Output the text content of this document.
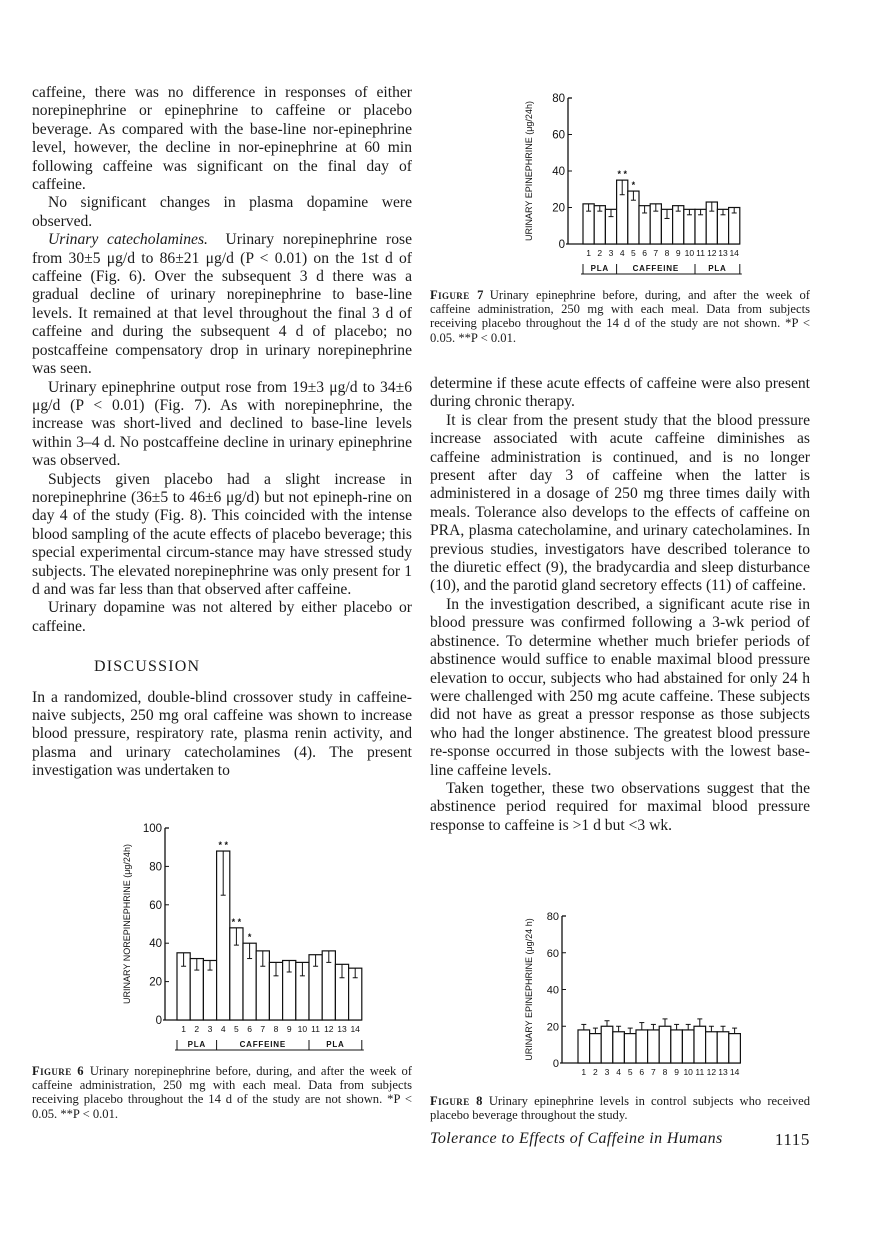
caffeine, there was no difference in responses of either norepinephrine or epinephrine to caffeine or placebo beverage. As compared with the base-line nor-epinephrine level, however, the decline in nor-epinephrine at 60 min following caffeine was significant on the final day of caffeine.

No significant changes in plasma dopamine were observed.

Urinary catecholamines. Urinary norepinephrine rose from 30±5 μg/d to 86±21 μg/d (P < 0.01) on the 1st d of caffeine (Fig. 6). Over the subsequent 3 d there was a gradual decline of urinary norepinephrine to base-line levels. It remained at that level throughout the final 3 d of caffeine and during the subsequent 4 d of placebo; no postcaffeine compensatory drop in urinary norepinephrine was seen.

Urinary epinephrine output rose from 19±3 μg/d to 34±6 μg/d (P < 0.01) (Fig. 7). As with norepinephrine, the increase was short-lived and declined to base-line levels within 3–4 d. No postcaffeine decline in urinary epinephrine was observed.

Subjects given placebo had a slight increase in norepinephrine (36±5 to 46±6 μg/d) but not epineph-rine on day 4 of the study (Fig. 8). This coincided with the intense blood sampling of the acute effects of placebo beverage; this special experimental circum-stance may have stressed study subjects. The elevated norepinephrine was only present for 1 d and was far less than that observed after caffeine.

Urinary dopamine was not altered by either placebo or caffeine.

DISCUSSION

In a randomized, double-blind crossover study in caffeine-naive subjects, 250 mg oral caffeine was shown to increase blood pressure, respiratory rate, plasma renin activity, and plasma and urinary catecholamines (4). The present investigation was undertaken to

determine if these acute effects of caffeine were also present during chronic therapy.

It is clear from the present study that the blood pressure increase associated with acute caffeine diminishes as caffeine administration is continued, and is no longer present after day 3 of caffeine when the latter is administered in a dosage of 250 mg three times daily with meals. Tolerance also develops to the effects of caffeine on PRA, plasma catecholamine, and urinary catecholamines. In previous studies, investigators have described tolerance to the diuretic effect (9), the bradycardia and sleep disturbance (10), and the parotid gland secretory effects (11) of caffeine.

In the investigation described, a significant acute rise in blood pressure was confirmed following a 3-wk period of abstinence. To determine whether much briefer periods of abstinence would suffice to enable maximal blood pressure elevation to occur, subjects who had abstained for only 24 h were challenged with 250 mg acute caffeine. These subjects did not have as great a pressor response as those subjects who had the longer abstinence. The greatest blood pressure re-sponse occurred in those subjects with the lowest base-line caffeine levels.

Taken together, these two observations suggest that the abstinence period required for maximal blood pressure response to caffeine is >1 d but <3 wk.

0
20
40
60
80
URINARY EPINEPHRINE (μg/24h)
1 2 3
* *
4
*
5 6 7 8 9 10 11 12 13 14
PLA	CAFFEINE	PLA
Figure 7 Urinary epinephrine before, during, and after the week of caffeine administration, 250 mg with each meal. Data from subjects receiving placebo throughout the 14 d of the study are not shown. *P < 0.05. **P < 0.01.
0
20
40
60
80
100
URINARY NOREPINEPHRINE (μg/24h)
1 2 3
* *
4
* *
5
*
6 7 8 9 10 11 12 13 14
PLA	CAFFEINE	PLA
Figure 6 Urinary norepinephrine before, during, and after the week of caffeine administration, 250 mg with each meal. Data from subjects receiving placebo throughout the 14 d of the study are not shown. *P < 0.05. **P < 0.01.
0
20
40
60
80
URINARY EPINEPHRINE (μg/24 h)
1 2 3 4 5 6 7 8 9 10 11 12 13 14
Figure 8 Urinary epinephrine levels in control subjects who received placebo beverage throughout the study.
Tolerance to Effects of Caffeine in Humans	1115
